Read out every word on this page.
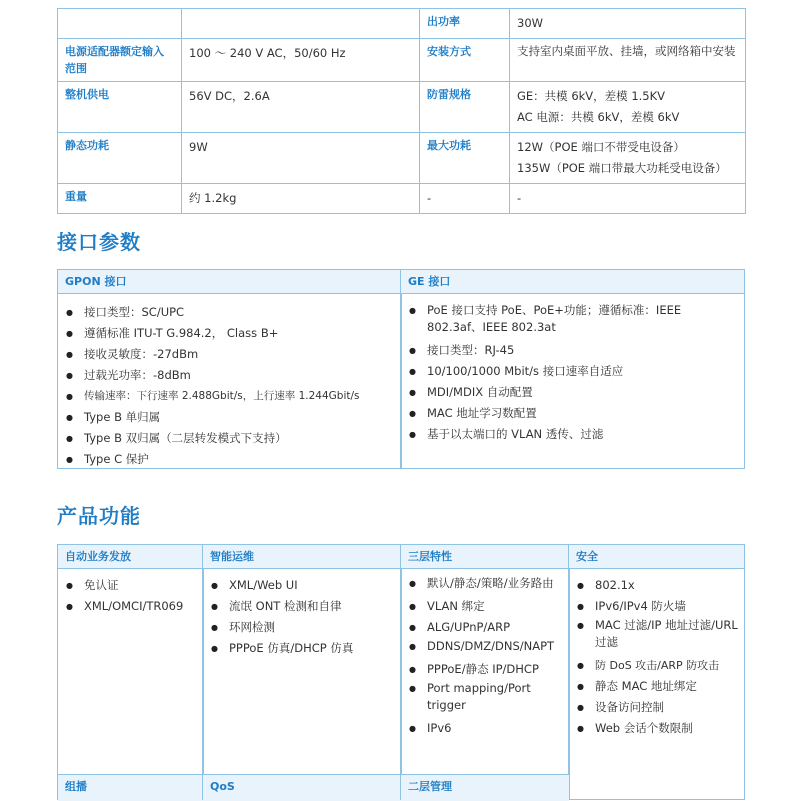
		出功率	30W
电源适配器额定输入范围	100 ～ 240 V AC，50/60 Hz	安装方式	支持室内桌面平放、挂墙，或网络箱中安装
整机供电	56V DC，2.6A	防雷规格	GE：共模 6kV，差模 1.5KV
AC 电源：共模 6kV，差模 6kV

静态功耗	9W	最大功耗	12W（POE 端口不带受电设备）
135W（POE 端口带最大功耗受电设备）

重量	约 1.2kg	-	-
接口参数
GPON 接口
● 接口类型：SC/UPC
● 遵循标准 ITU-T G.984.2， Class B+
● 接收灵敏度：-27dBm
● 过载光功率：-8dBm
● 传输速率：下行速率 2.488Gbit/s，上行速率 1.244Gbit/s
● Type B 单归属
● Type B 双归属（二层转发模式下支持）
● Type C 保护
GE 接口
● PoE 接口支持 PoE、PoE+功能；遵循标准：IEEE 802.3af、IEEE 802.3at
● 接口类型：RJ-45
● 10/100/1000 Mbit/s 接口速率自适应
● MDI/MDIX 自动配置
● MAC 地址学习数配置
● 基于以太端口的 VLAN 透传、过滤
产品功能
自动业务发放
● 免认证
● XML/OMCI/TR069
智能运维
● XML/Web UI
● 流氓 ONT 检测和自律
● 环网检测
● PPPoE 仿真/DHCP 仿真
三层特性
● 默认/静态/策略/业务路由
● VLAN 绑定
● ALG/UPnP/ARP
● DDNS/DMZ/DNS/NAPT
● PPPoE/静态 IP/DHCP
● Port mapping/Port trigger
● IPv6
安全
● 802.1x
● IPv6/IPv4 防火墙
● MAC 过滤/IP 地址过滤/URL 过滤
● 防 DoS 攻击/ARP 防攻击
● 静态 MAC 地址绑定
● 设备访问控制
● Web 会话个数限制
组播	QoS	二层管理
